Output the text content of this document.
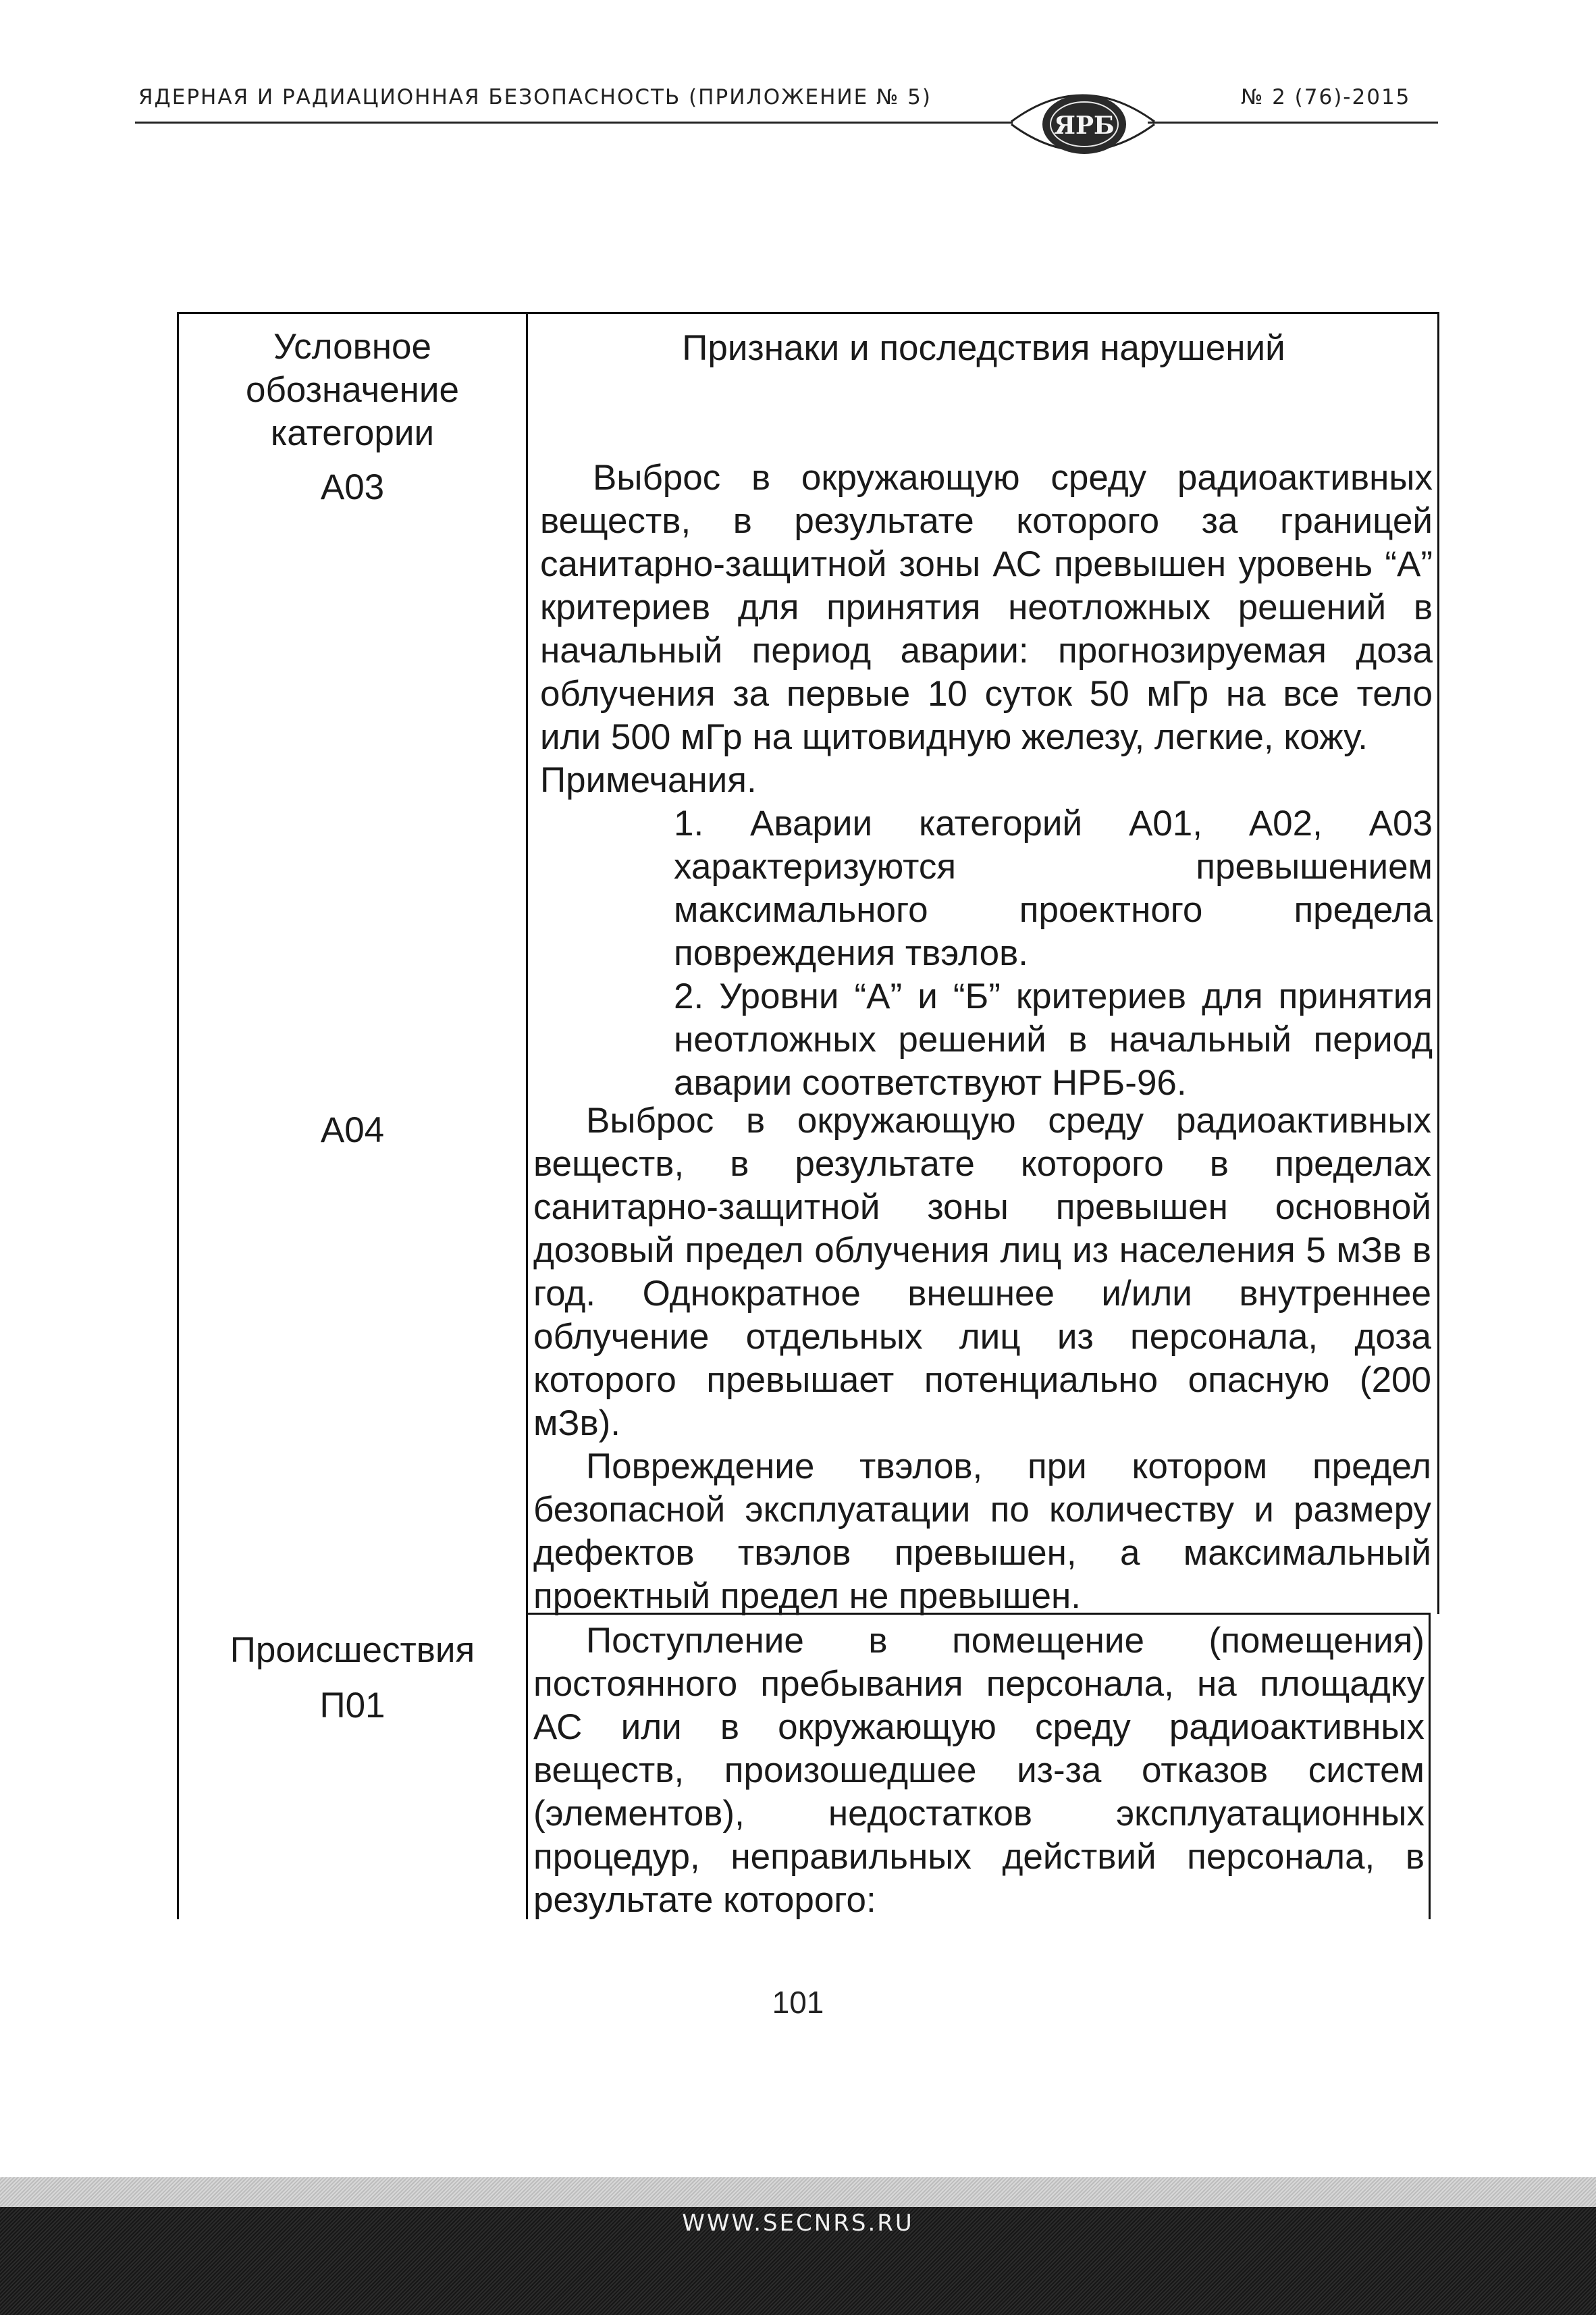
ЯДЕРНАЯ И РАДИАЦИОННАЯ БЕЗОПАСНОСТЬ (ПРИЛОЖЕНИЕ № 5)	№ 2 (76)-2015
ЯРБ
Условное
обозначение
категории
А03
А04
Происшествия
П01
Признаки и последствия нарушений

Выброс в окружающую среду радиоактивных веществ, в результате которого за границей санитарно-защитной зоны АС превышен уровень “А” критериев для принятия неотложных решений в начальный период аварии: прогнозируемая доза облучения за первые 10 суток 50 мГр на все тело или 500 мГр на щитовидную железу, легкие, кожу.

Примечания.

1. Аварии категорий А01, А02, А03 характеризуются превышением максимального проектного предела повреждения твэлов.

2. Уровни “А” и “Б” критериев для принятия неотложных решений в начальный период аварии соответствуют НРБ-96.

Выброс в окружающую среду радиоактивных веществ, в результате которого в пределах санитарно-защитной зоны превышен основной дозовый предел облучения лиц из населения 5 мЗв в год. Однократное внешнее и/или внутреннее облучение отдельных лиц из персонала, доза которого превышает потенциально опасную (200 мЗв).

Повреждение твэлов, при котором предел безопасной эксплуатации по количеству и размеру дефектов твэлов превышен, а максимальный проектный предел не превышен.

Поступление в помещение (помещения) постоянного пребывания персонала, на площадку АС или в окружающую среду радиоактивных веществ, произошедшее из-за отказов систем (элементов), недостатков эксплуатационных процедур, неправильных действий персонала, в результате которого:

101
WWW.SECNRS.RU
